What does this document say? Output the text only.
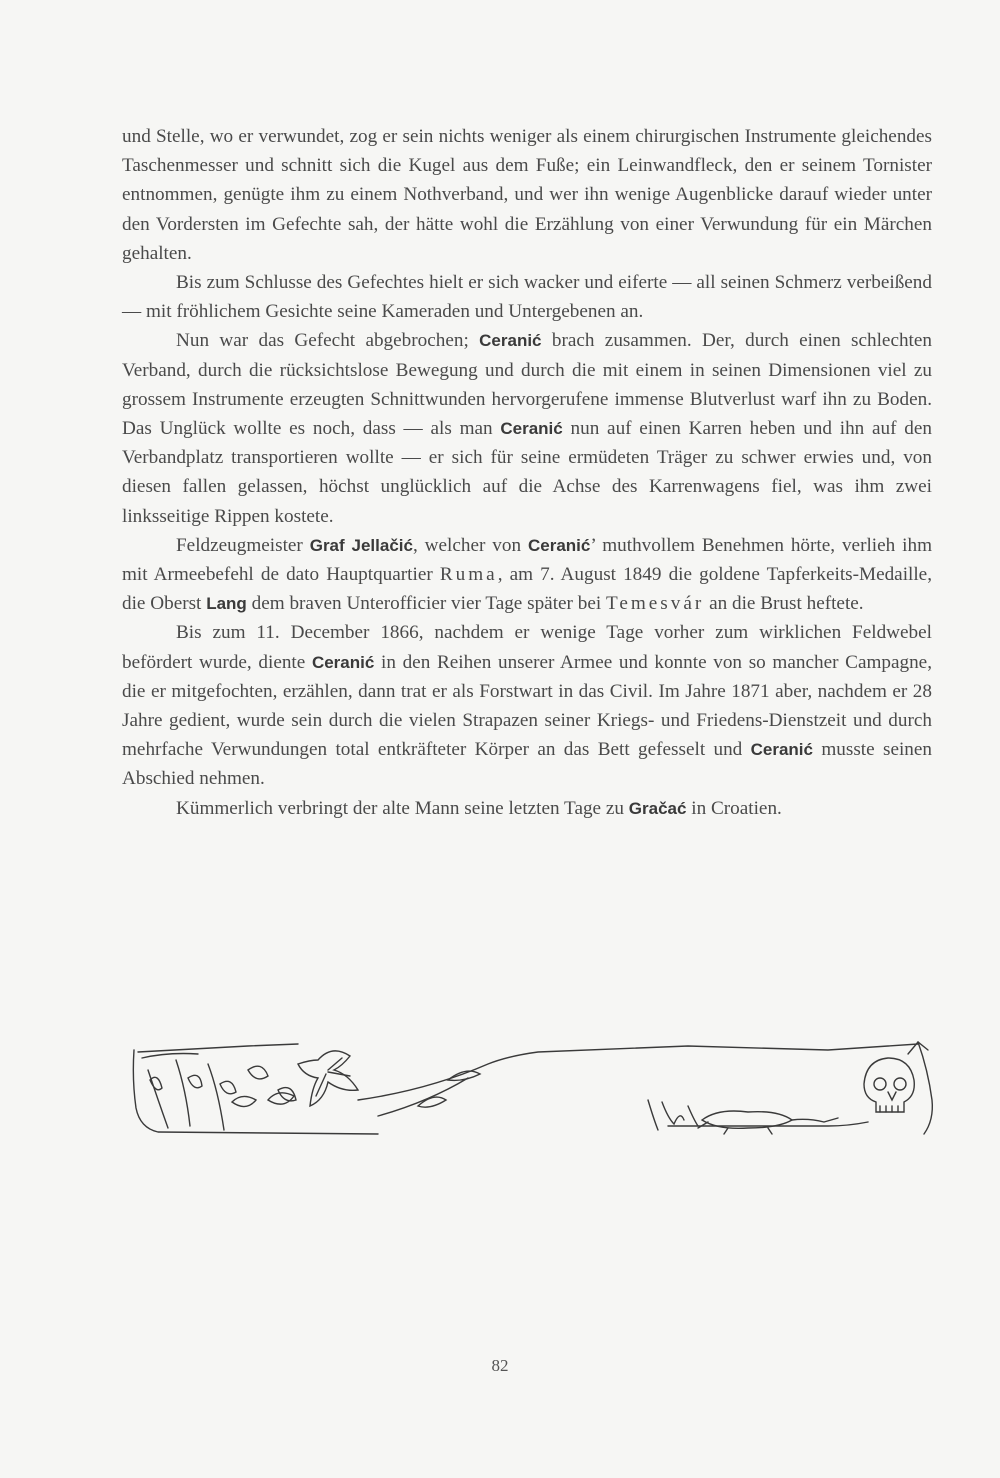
und Stelle, wo er verwundet, zog er sein nichts weniger als einem chirurgischen Instrumente gleichendes Taschenmesser und schnitt sich die Kugel aus dem Fuße; ein Leinwandfleck, den er seinem Tornister entnommen, genügte ihm zu einem Nothverband, und wer ihn wenige Augenblicke darauf wieder unter den Vordersten im Gefechte sah, der hätte wohl die Erzählung von einer Verwundung für ein Märchen gehalten.

Bis zum Schlusse des Gefechtes hielt er sich wacker und eiferte — all seinen Schmerz verbeißend — mit fröhlichem Gesichte seine Kameraden und Untergebenen an.

Nun war das Gefecht abgebrochen; Ceranić brach zusammen. Der, durch einen schlechten Verband, durch die rücksichtslose Bewegung und durch die mit einem in seinen Dimensionen viel zu grossem Instrumente erzeugten Schnittwunden hervorgerufene immense Blutverlust warf ihn zu Boden. Das Unglück wollte es noch, dass — als man Ceranić nun auf einen Karren heben und ihn auf den Verbandplatz transportieren wollte — er sich für seine ermüdeten Träger zu schwer erwies und, von diesen fallen gelassen, höchst unglücklich auf die Achse des Karrenwagens fiel, was ihm zwei linksseitige Rippen kostete.

Feldzeugmeister Graf Jellačić, welcher von Ceranić’ muthvollem Benehmen hörte, verlieh ihm mit Armeebefehl de dato Hauptquartier Ruma, am 7. August 1849 die goldene Tapferkeits-Medaille, die Oberst Lang dem braven Unterofficier vier Tage später bei Temesvár an die Brust heftete.

Bis zum 11. December 1866, nachdem er wenige Tage vorher zum wirklichen Feldwebel befördert wurde, diente Ceranić in den Reihen unserer Armee und konnte von so mancher Campagne, die er mitgefochten, erzählen, dann trat er als Forstwart in das Civil. Im Jahre 1871 aber, nachdem er 28 Jahre gedient, wurde sein durch die vielen Strapazen seiner Kriegs- und Friedens-Dienstzeit und durch mehrfache Verwundungen total entkräfteter Körper an das Bett gefesselt und Ceranić musste seinen Abschied nehmen.

Kümmerlich verbringt der alte Mann seine letzten Tage zu Gračać in Croatien.

82
